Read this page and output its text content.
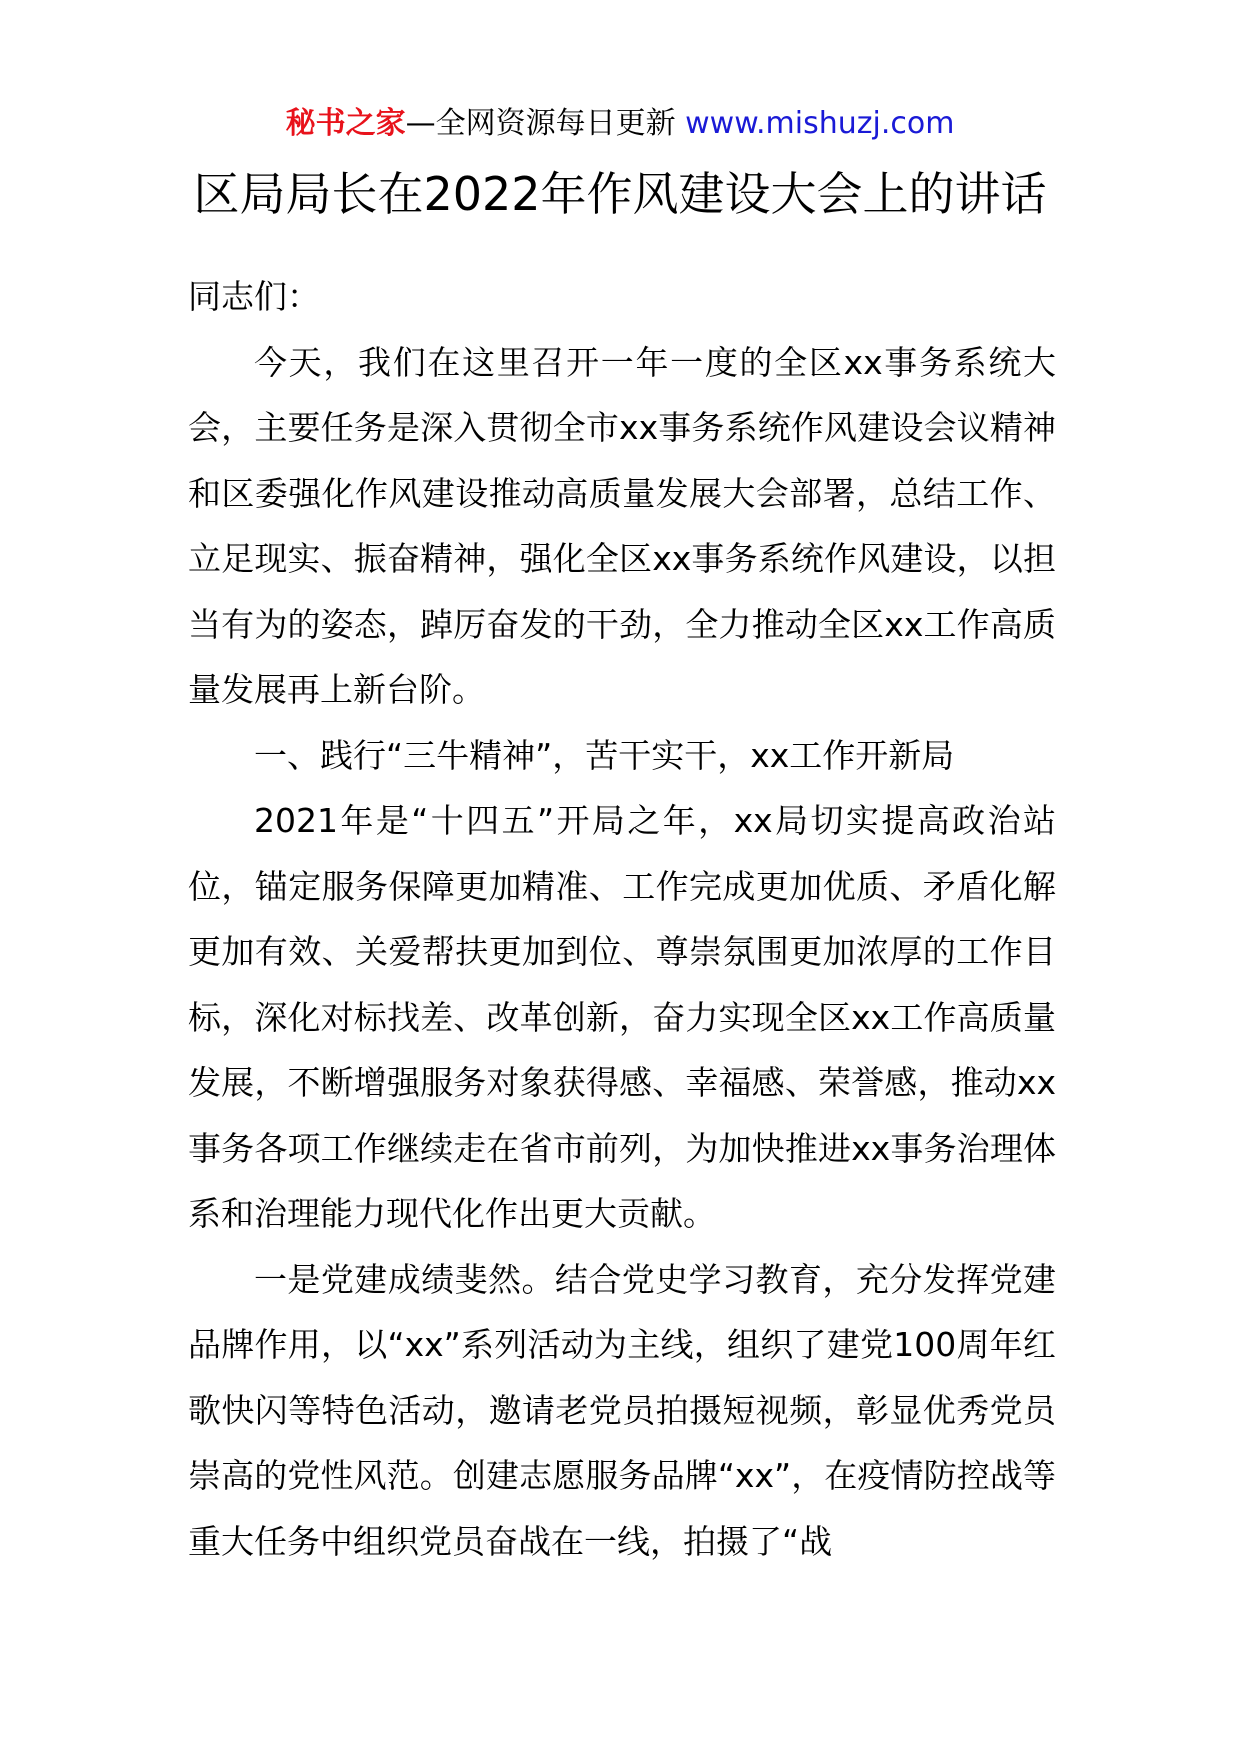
秘书之家—全网资源每日更新 www.mishuzj.com
区局局长在2022年作风建设大会上的讲话

同志们：

今天，我们在这里召开一年一度的全区xx事务系统大会，主要任务是深入贯彻全市xx事务系统作风建设会议精神和区委强化作风建设推动高质量发展大会部署，总结工作、立足现实、振奋精神，强化全区xx事务系统作风建设，以担当有为的姿态，踔厉奋发的干劲，全力推动全区xx工作高质量发展再上新台阶。

一、践行“三牛精神”，苦干实干，xx工作开新局

2021年是“十四五”开局之年，xx局切实提高政治站位，锚定服务保障更加精准、工作完成更加优质、矛盾化解更加有效、关爱帮扶更加到位、尊崇氛围更加浓厚的工作目标，深化对标找差、改革创新，奋力实现全区xx工作高质量发展，不断增强服务对象获得感、幸福感、荣誉感，推动xx事务各项工作继续走在省市前列，为加快推进xx事务治理体系和治理能力现代化作出更大贡献。

一是党建成绩斐然。结合党史学习教育，充分发挥党建品牌作用，以“xx”系列活动为主线，组织了建党100周年红歌快闪等特色活动，邀请老党员拍摄短视频，彰显优秀党员崇高的党性风范。创建志愿服务品牌“xx”，在疫情防控战等重大任务中组织党员奋战在一线，拍摄了“战
